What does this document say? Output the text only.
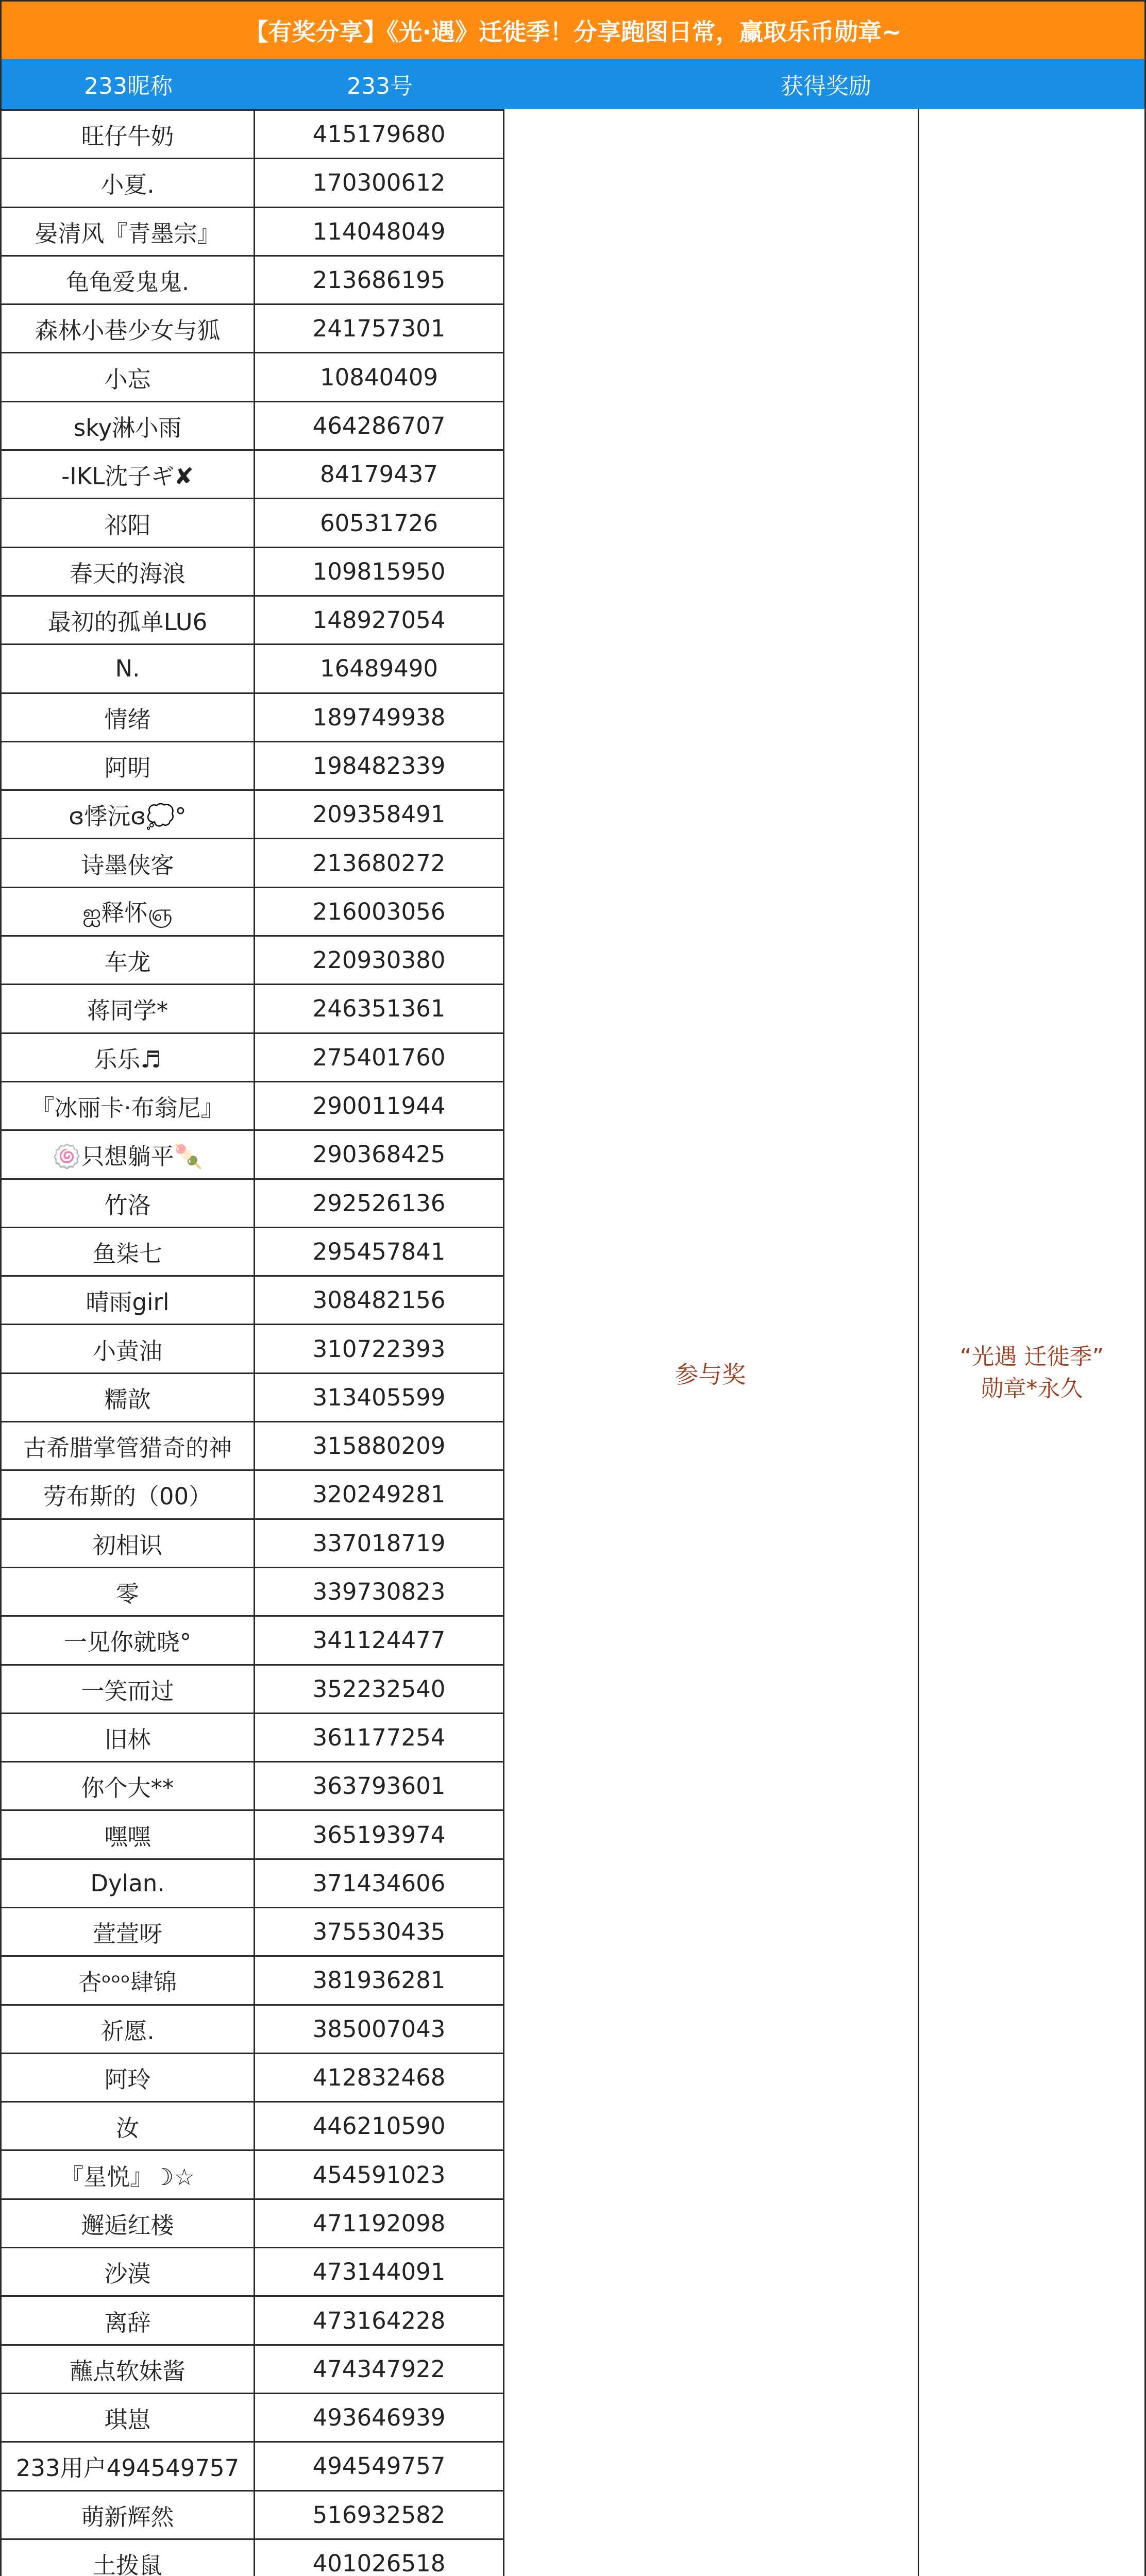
【有奖分享】《光·遇》迁徙季！分享跑图日常，赢取乐币勋章~
233昵称	233号	获得奖励
旺仔牛奶	415179680
小夏.	170300612
晏清风『青墨宗』	114048049
龟龟爱鬼鬼.	213686195
森林小巷少女与狐	241757301
小忘	10840409
sky淋小雨	464286707
-IKL沈子ギ✘	84179437
祁阳	60531726
春天的海浪	109815950
最初的孤单LU6	148927054
N.	16489490
情绪	189749938
阿明	198482339
ɞ悸沅ɞ💭°	209358491
诗墨侠客	213680272
ஐ释怀ஞ	216003056
车龙	220930380
蒋同学*	246351361
乐乐♬	275401760
『冰丽卡·布翁尼』	290011944
🍥只想躺平🍡	290368425
竹洛	292526136
鱼柒七	295457841
晴雨girl	308482156
小黄油	310722393
糯歆	313405599
古希腊掌管猎奇的神	315880209
劳布斯的（00）	320249281
初相识	337018719
零	339730823
一见你就晓°	341124477
一笑而过	352232540
旧林	361177254
你个大**	363793601
嘿嘿	365193974
Dylan.	371434606
萱萱呀	375530435
杏ᵒᵒᵒ肆锦	381936281
祈愿.	385007043
阿玲	412832468
汝	446210590
『星悦』☽☆	454591023
邂逅红楼	471192098
沙漠	473144091
离辞	473164228
蘸点软妹酱	474347922
琪崽	493646939
233用户494549757	494549757
萌新辉然	516932582
土拨鼠	401026518

参与奖
“光遇 迁徙季”
勋章*永久
